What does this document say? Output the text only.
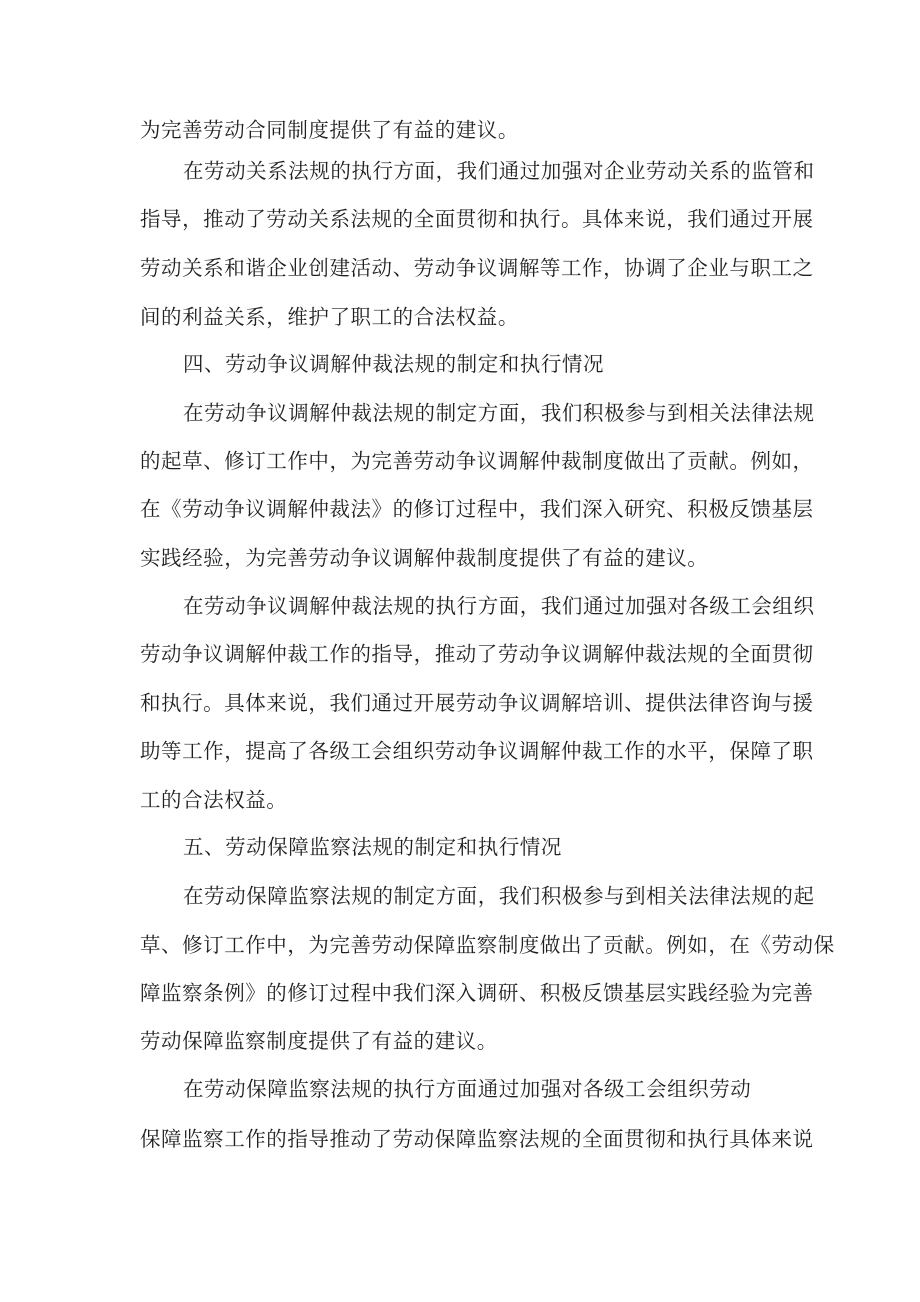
为完善劳动合同制度提供了有益的建议。
在劳动关系法规的执行方面，我们通过加强对企业劳动关系的监管和
指导，推动了劳动关系法规的全面贯彻和执行。具体来说，我们通过开展
劳动关系和谐企业创建活动、劳动争议调解等工作，协调了企业与职工之
间的利益关系，维护了职工的合法权益。
四、劳动争议调解仲裁法规的制定和执行情况
在劳动争议调解仲裁法规的制定方面，我们积极参与到相关法律法规
的起草、修订工作中，为完善劳动争议调解仲裁制度做出了贡献。例如，
在《劳动争议调解仲裁法》的修订过程中，我们深入研究、积极反馈基层
实践经验，为完善劳动争议调解仲裁制度提供了有益的建议。
在劳动争议调解仲裁法规的执行方面，我们通过加强对各级工会组织
劳动争议调解仲裁工作的指导，推动了劳动争议调解仲裁法规的全面贯彻
和执行。具体来说，我们通过开展劳动争议调解培训、提供法律咨询与援
助等工作，提高了各级工会组织劳动争议调解仲裁工作的水平，保障了职
工的合法权益。
五、劳动保障监察法规的制定和执行情况
在劳动保障监察法规的制定方面，我们积极参与到相关法律法规的起
草、修订工作中，为完善劳动保障监察制度做出了贡献。例如，在《劳动保
障监察条例》的修订过程中我们深入调研、积极反馈基层实践经验为完善
劳动保障监察制度提供了有益的建议。
在劳动保障监察法规的执行方面通过加强对各级工会组织劳动
保障监察工作的指导推动了劳动保障监察法规的全面贯彻和执行具体来说
